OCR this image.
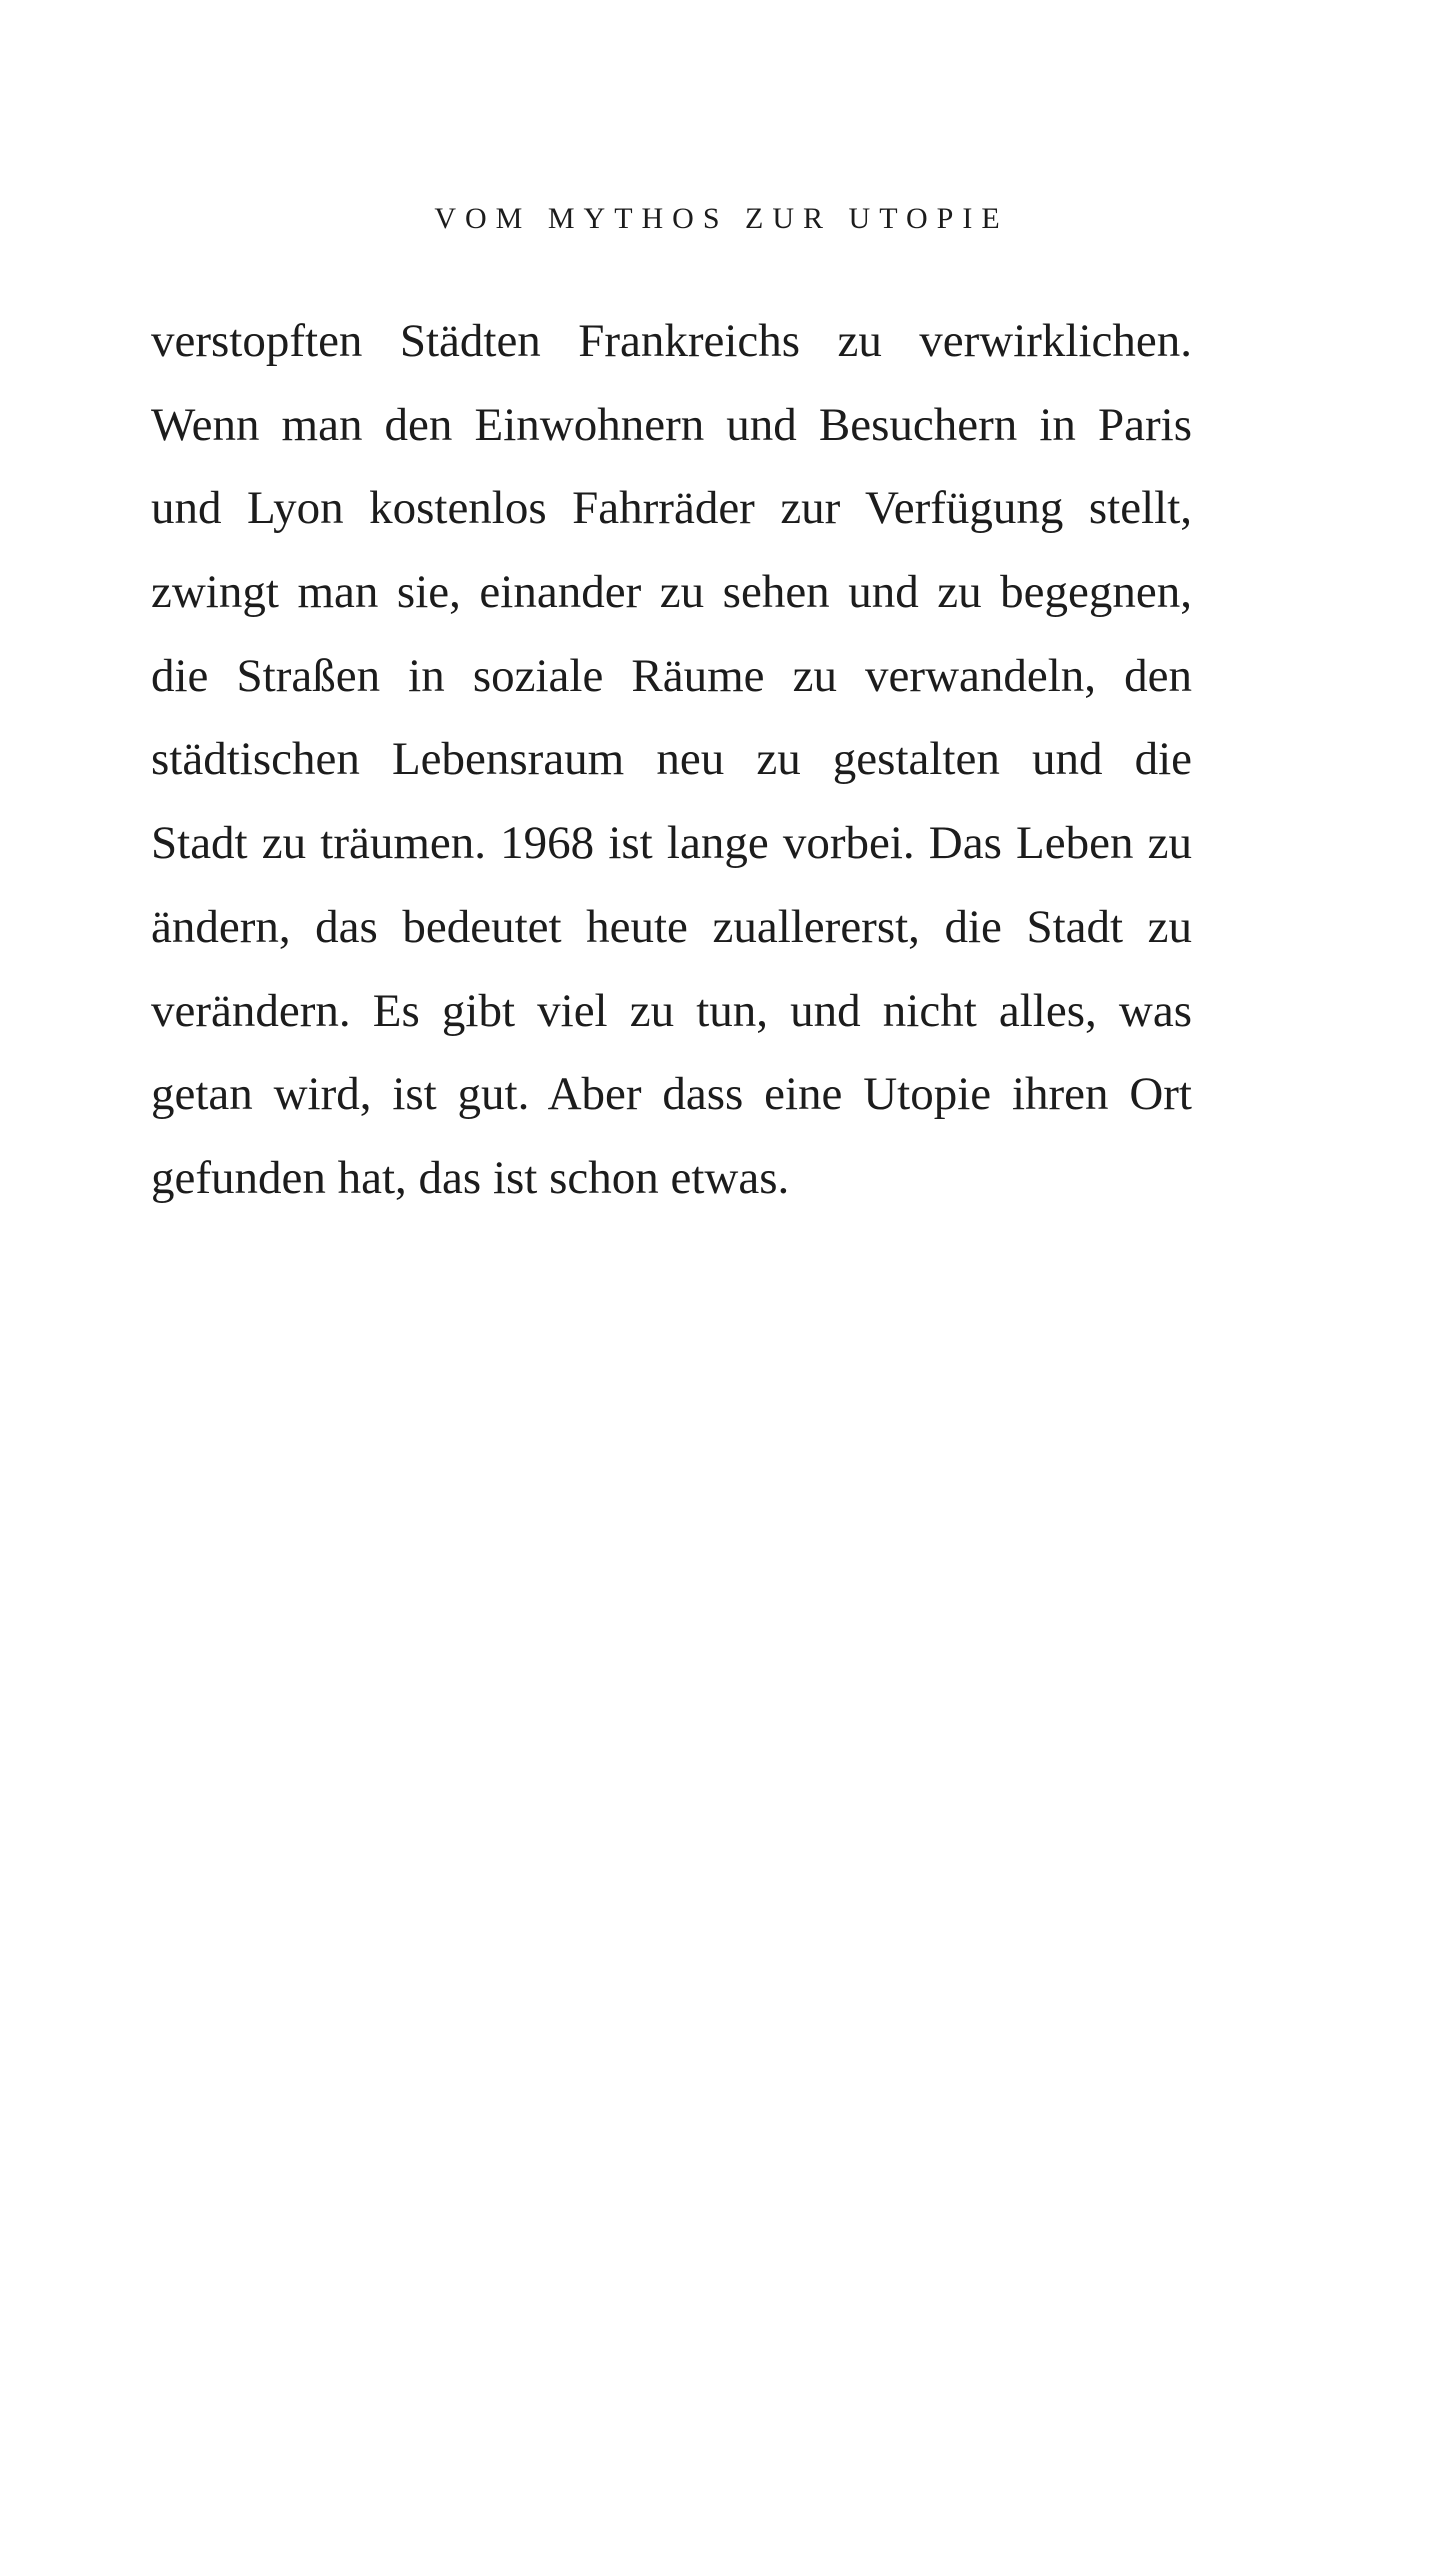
VOM MYTHOS ZUR UTOPIE
verstopften Städten Frankreichs zu verwirklichen.
Wenn man den Einwohnern und Besuchern in Paris
und Lyon kostenlos Fahrräder zur Verfügung stellt,
zwingt man sie, einander zu sehen und zu begegnen,
die Straßen in soziale Räume zu verwandeln, den
städtischen Lebensraum neu zu gestalten und die
Stadt zu träumen. 1968 ist lange vorbei. Das Leben zu
ändern, das bedeutet heute zuallererst, die Stadt zu
verändern. Es gibt viel zu tun, und nicht alles, was
getan wird, ist gut. Aber dass eine Utopie ihren Ort
gefunden hat, das ist schon etwas.
